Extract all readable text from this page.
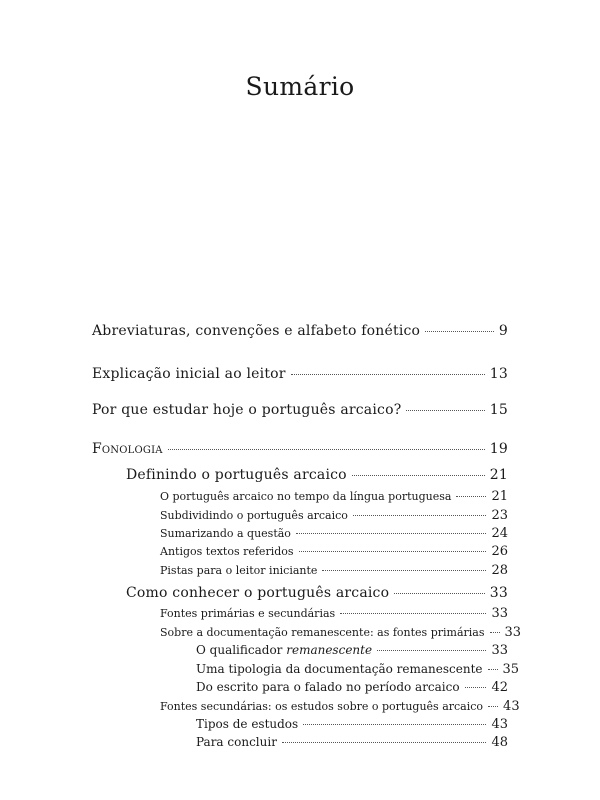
Sumário
Abreviaturas, convenções e alfabeto fonético	9
Explicação inicial ao leitor	13
Por que estudar hoje o português arcaico?	15
Fonologia	19
Definindo o português arcaico	21
O português arcaico no tempo da língua portuguesa	21
Subdividindo o português arcaico	23
Sumarizando a questão	24
Antigos textos referidos	26
Pistas para o leitor iniciante	28
Como conhecer o português arcaico	33
Fontes primárias e secundárias	33
Sobre a documentação remanescente: as fontes primárias 33
O qualificador remanescente	33
Uma tipologia da documentação remanescente 35
Do escrito para o falado no período arcaico 42
Fontes secundárias: os estudos sobre o português arcaico 43
Tipos de estudos	43
Para concluir	48
